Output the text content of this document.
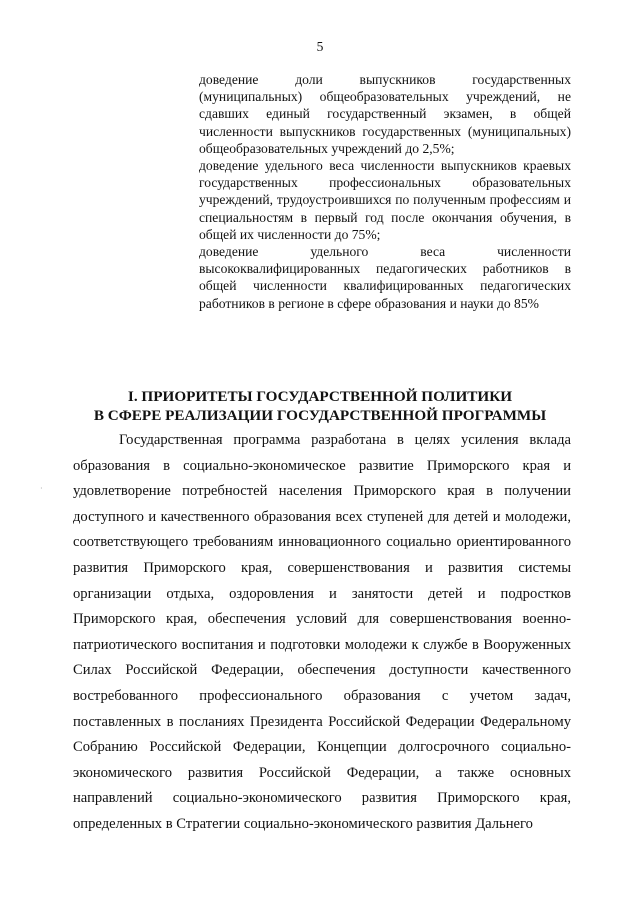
5
·

доведение доли выпускников государственных (муниципальных) общеобразовательных учреждений, не сдавших единый государственный экзамен, в общей численности выпускников государственных (муниципальных) общеобразовательных учреждений до 2,5%;

доведение удельного веса численности выпускников краевых государственных профессиональных образовательных учреждений, трудоустроившихся по полученным профессиям и специальностям в первый год после окончания обучения, в общей их численности до 75%;

доведение удельного веса численности высококвалифицированных педагогических работников в общей численности квалифицированных педагогических работников в регионе в сфере образования и науки до 85%

I. ПРИОРИТЕТЫ ГОСУДАРСТВЕННОЙ ПОЛИТИКИ
В СФЕРЕ РЕАЛИЗАЦИИ ГОСУДАРСТВЕННОЙ ПРОГРАММЫ

Государственная программа разработана в целях усиления вклада образования в социально-экономическое развитие Приморского края и удовлетворение потребностей населения Приморского края в получении доступного и качественного образования всех ступеней для детей и молодежи, соответствующего требованиям инновационного социально ориентированного развития Приморского края, совершенствования и развития системы организации отдыха, оздоровления и занятости детей и подростков Приморского края, обеспечения условий для совершенствования военно-патриотического воспитания и подготовки молодежи к службе в Вооруженных Силах Российской Федерации, обеспечения доступности качественного востребованного профессионального образования с учетом задач, поставленных в посланиях Президента Российской Федерации Федеральному Собранию Российской Федерации, Концепции долгосрочного социально-экономического развития Российской Федерации, а также основных направлений социально-экономического развития Приморского края, определенных в Стратегии социально-экономического развития Дальнего
